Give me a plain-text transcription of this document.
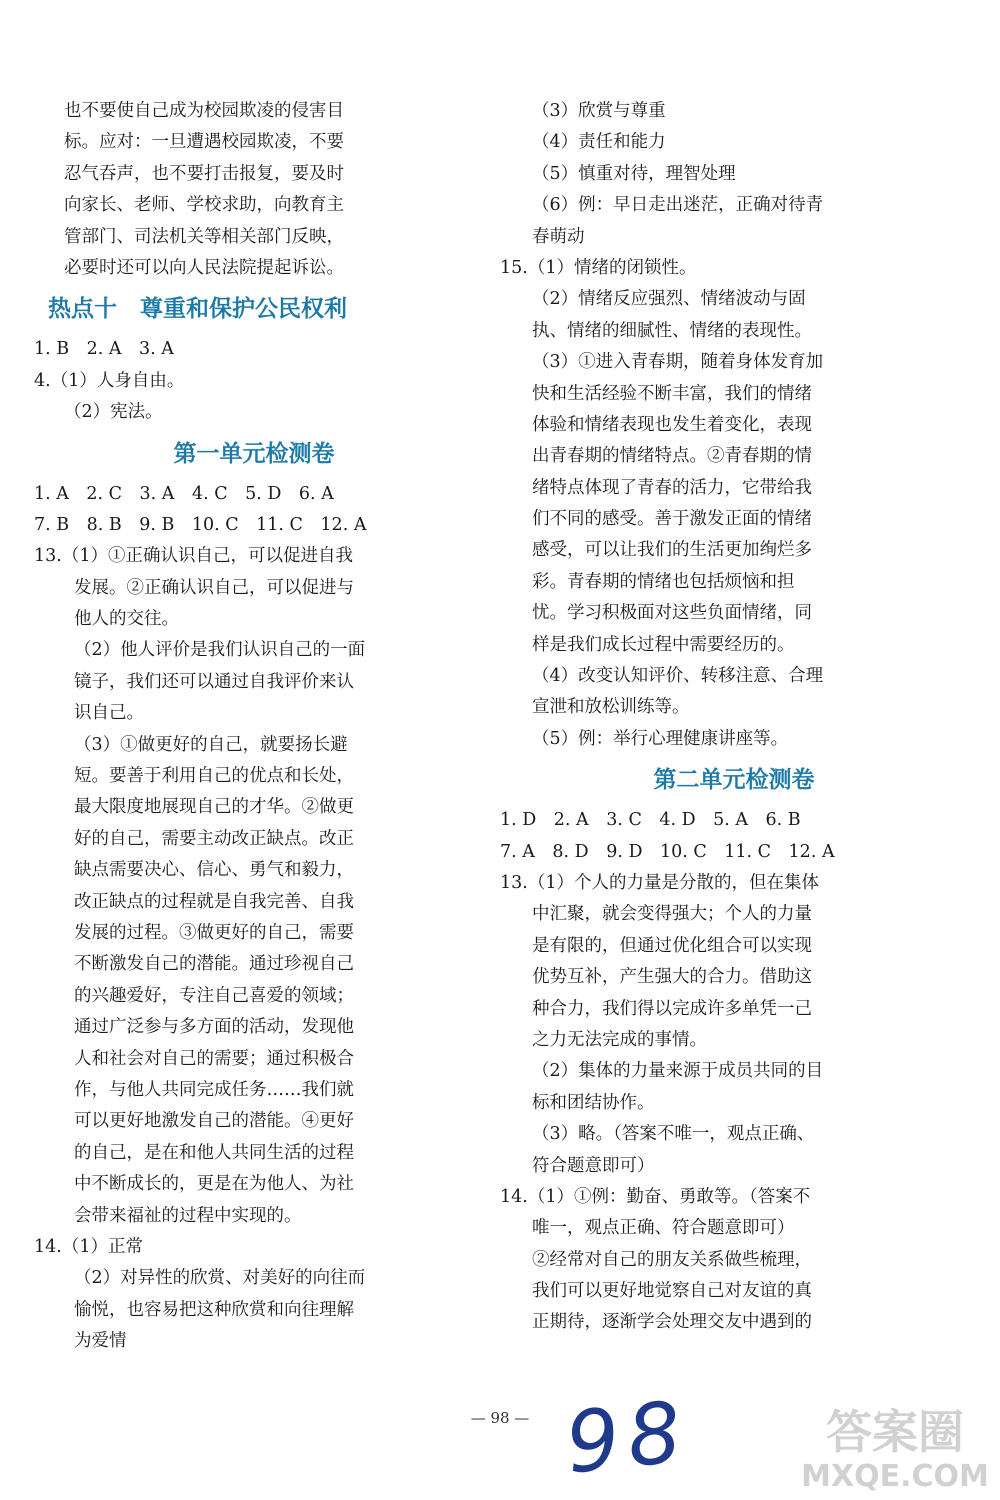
也不要使自己成为校园欺凌的侵害目
标。应对：一旦遭遇校园欺凌，不要
忍气吞声，也不要打击报复，要及时
向家长、老师、学校求助，向教育主
管部门、司法机关等相关部门反映，
必要时还可以向人民法院提起诉讼。
热点十　尊重和保护公民权利
1. B　2. A　3. A
4.（1）人身自由。
（2）宪法。
第一单元检测卷
1. A　2. C　3. A　4. C　5. D　6. A
7. B　8. B　9. B　10. C　11. C　12. A
13.（1）①正确认识自己，可以促进自我
发展。②正确认识自己，可以促进与
他人的交往。
（2）他人评价是我们认识自己的一面
镜子，我们还可以通过自我评价来认
识自己。
（3）①做更好的自己，就要扬长避
短。要善于利用自己的优点和长处，
最大限度地展现自己的才华。②做更
好的自己，需要主动改正缺点。改正
缺点需要决心、信心、勇气和毅力，
改正缺点的过程就是自我完善、自我
发展的过程。③做更好的自己，需要
不断激发自己的潜能。通过珍视自己
的兴趣爱好，专注自己喜爱的领域；
通过广泛参与多方面的活动，发现他
人和社会对自己的需要；通过积极合
作，与他人共同完成任务……我们就
可以更好地激发自己的潜能。④更好
的自己，是在和他人共同生活的过程
中不断成长的，更是在为他人、为社
会带来福祉的过程中实现的。
14.（1）正常
（2）对异性的欣赏、对美好的向往而
愉悦，也容易把这种欣赏和向往理解
为爱情
（3）欣赏与尊重
（4）责任和能力
（5）慎重对待，理智处理
（6）例：早日走出迷茫，正确对待青
春萌动
15.（1）情绪的闭锁性。
（2）情绪反应强烈、情绪波动与固
执、情绪的细腻性、情绪的表现性。
（3）①进入青春期，随着身体发育加
快和生活经验不断丰富，我们的情绪
体验和情绪表现也发生着变化，表现
出青春期的情绪特点。②青春期的情
绪特点体现了青春的活力，它带给我
们不同的感受。善于激发正面的情绪
感受，可以让我们的生活更加绚烂多
彩。青春期的情绪也包括烦恼和担
忧。学习积极面对这些负面情绪，同
样是我们成长过程中需要经历的。
（4）改变认知评价、转移注意、合理
宣泄和放松训练等。
（5）例：举行心理健康讲座等。
第二单元检测卷
1. D　2. A　3. C　4. D　5. A　6. B
7. A　8. D　9. D　10. C　11. C　12. A
13.（1）个人的力量是分散的，但在集体
中汇聚，就会变得强大；个人的力量
是有限的，但通过优化组合可以实现
优势互补，产生强大的合力。借助这
种合力，我们得以完成许多单凭一己
之力无法完成的事情。
（2）集体的力量来源于成员共同的目
标和团结协作。
（3）略。（答案不唯一，观点正确、
符合题意即可）
14.（1）①例：勤奋、勇敢等。（答案不
唯一，观点正确、符合题意即可）
②经常对自己的朋友关系做些梳理，
我们可以更好地觉察自己对友谊的真
正期待，逐渐学会处理交友中遇到的
— 98 — 98	答案圈
MXQE.COM
